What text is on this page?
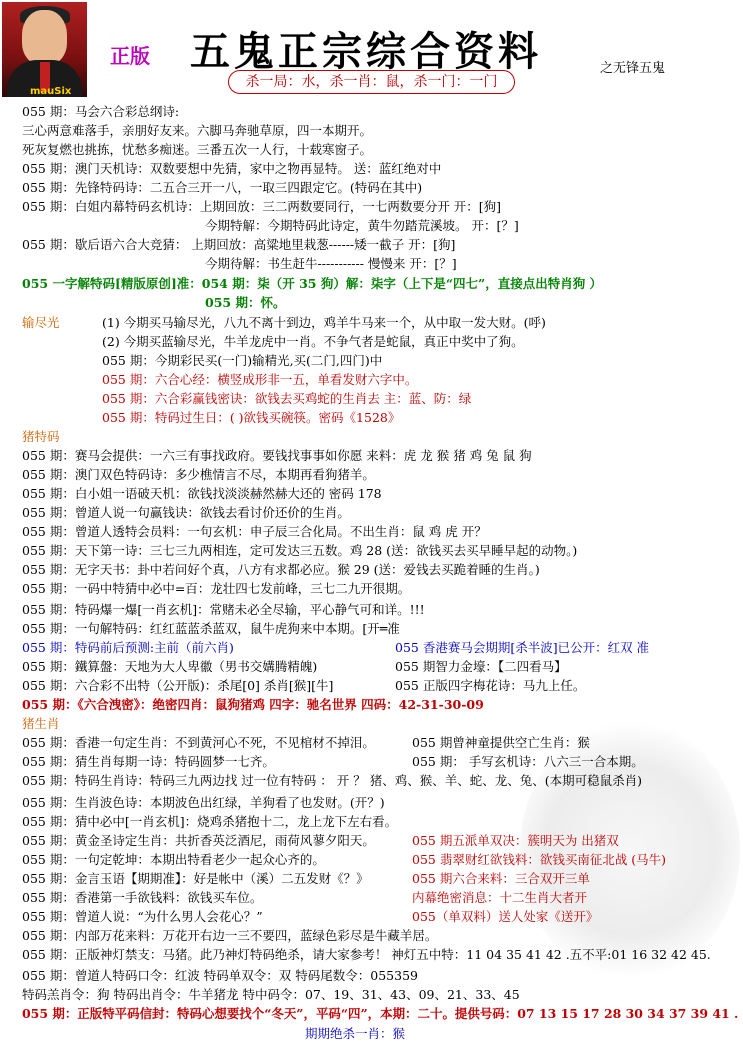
mauSix
正版 五鬼正宗综合资料
杀一局：水，杀一肖：鼠，杀一门：一门
之无锋五鬼
055 期：马会六合彩总纲诗:
三心两意难落手，亲朋好友来。六脚马奔驰草原，四一本期开。
死灰复燃也挑拣，忧愁多痴迷。三番五次一人行，十载寒窗子。
055 期：澳门天机诗：双数要想中先猜，家中之物再显特。 送：蓝红绝对中
055 期：先锋特码诗：二五合三开一八，一取三四跟定它。(特码在其中)
055 期：白姐内幕特码玄机诗：上期回放：三二两数要同行，一七两数要分开 开：[狗]
今期特解：今期特码此诗定，黄牛勿踏荒溪坡。 开：[？]
055 期：歇后语六合大竞猜： 上期回放：高粱地里栽葱------矮一截子 开：[狗]
今期待解：书生赶牛----------- 慢慢来 开：[？]
055 一字解特码[精版原创]准：054 期：柒（开 35 狗）解：柒字（上下是“四七”，直接点出特肖狗 ）
055 期：怀。
输尽光	(1) 今期买马输尽光，八九不离十到边，鸡羊牛马来一个，从中取一发大财。(呼)
(2) 今期买蓝输尽光，牛羊龙虎中一肖。不争气者是蛇鼠，真正中奖中了狗。
055 期：今期彩民买(一门)输精光,买(二门,四门)中
055 期：六合心经：横竖成形非一五，单看发财六字中。
055 期：六合彩赢钱密诀：欲钱去买鸡蛇的生肖去 主：蓝、防：绿
055 期：特码过生日：( )欲钱买碗筷。密码《1528》
猪特码
055 期：赛马会提供：一六三有事找政府。要钱找事事如你愿 来料：虎 龙 猴 猪 鸡 兔 鼠 狗
055 期：澳门双色特码诗：多少樵情言不尽，本期再看狗猪羊。
055 期：白小姐一语破天机：欲钱找淡淡赫然赫大还的 密码 178
055 期：曾道人说一句赢钱诀：欲钱去看讨价还价的生肖。
055 期：曾道人透特会员料：一句玄机：申子辰三合化局。不出生肖：鼠 鸡 虎 开？
055 期：天下第一诗：三七三九两相连，定可发达三五数。鸡 28 (送：欲钱买去买早睡早起的动物。)
055 期：无字天书：卦中若问好个真，八方有求都必应。猴 29 (送：爱钱去买跪着睡的生肖。)
055 期：一码中特猜中必中=百：龙壮四七发前峰，三七二九开很期。
055 期：特码爆一爆[一肖玄机]：常赌未必全尽输，平心静气可和详。!!!
055 期：一句解特码：红红蓝蓝杀蓝双，鼠牛虎狗来中本期。[开═准
055 期：特码前后预测:主前（前六肖)	055 香港赛马会期期[杀半波]已公开：红双 准
055 期：鐵算盤：天地为大人卑徽（男书交媾腾精魄)	055 期智力金壕：【二四看马】
055 期：六合彩不出特（公开版)：杀尾[0] 杀肖[猴][牛]	055 正版四字梅花诗：马九上任。
055 期：《六合洩密》：绝密四肖：鼠狗猪鸡 四字：驰名世界 四码：42-31-30-09
猪生肖
055 期：香港一句定生肖：不到黄河心不死，不见棺材不掉泪。	055 期曾神童提供空亡生肖：猴
055 期：猜生肖每期一诗：特码圆梦一七齐。	055 期： 手写玄机诗：八六三一合本期。
055 期：特码生肖诗：特码三九两边找 过一位有特码 ： 开 ？ 猪、鸡、猴、羊、蛇、龙、兔、(本期可稳鼠杀肖)
055 期：生肖波色诗：本期波色出红绿，羊狗看了也发财。(开？)
055 期：猜中必中[一肖玄机]：烧鸡杀猪抱十二，龙上龙下左右看。
055 期：黄金圣诗定生肖：共折香英泛酒尼，雨荷风蓼夕阳天。	055 期五派单双决：簇明天为 出猪双
055 期：一句定乾坤：本期出特看老少一起众心齐的。	055 翡翠财红欲钱料：欲钱买南征北战 (马牛)
055 期：金言玉语【期期准】：好是帐中（溪）二五发财《？》	055 期六合来料：三合双开三单
055 期：香港第一手欲钱料：欲钱买车位。	内幕绝密消息：十二生肖大者开
055 期：曾道人说：“为什么男人会花心？”	055（单双料）送人处家《送开》
055 期：内部万花来料：万花开右边一三不要四，蓝绿色彩尽是牛藏羊居。
055 期：正版神灯禁支：马猪。此乃神灯特码绝杀，请大家参考！ 神灯五中特：11 04 35 41 42 .五不平:01 16 32 42 45.
055 期：曾道人特码口令：红波 特码单双令：双 特码尾数令：055359
特码羔肖令：狗 特码出肖令：牛羊猪龙 特中码令：07、19、31、43、09、21、33、45
055 期：正版特平码信封：特码心想要找个“冬天”，平码“四”，本期：二十。提供号码：07 13 15 17 28 30 34 37 39 41 .
期期绝杀一肖：猴
